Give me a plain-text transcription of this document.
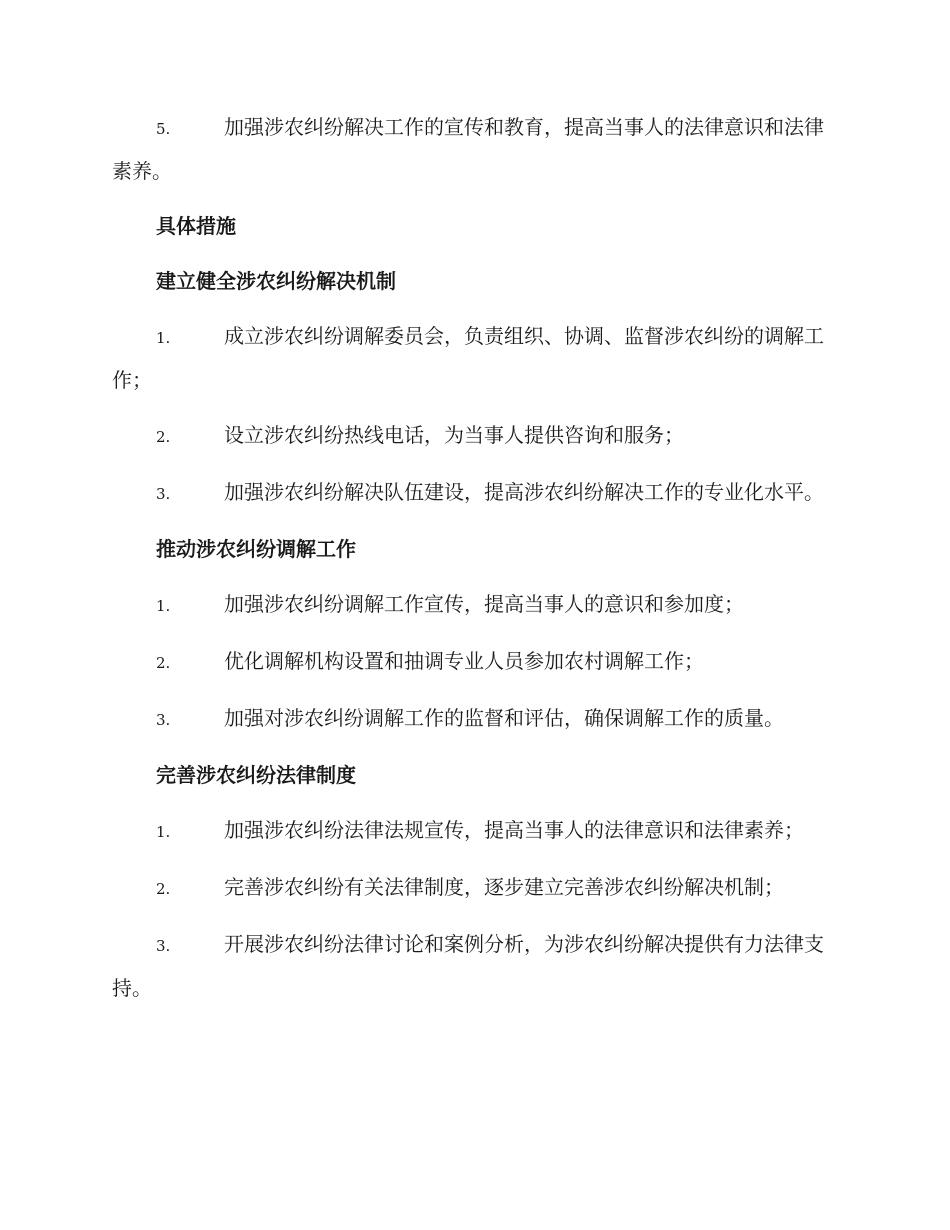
5.	加强涉农纠纷解决工作的宣传和教育，提高当事人的法律意识和法律素养。

具体措施

建立健全涉农纠纷解决机制

1.	成立涉农纠纷调解委员会，负责组织、协调、监督涉农纠纷的调解工作；

2.	设立涉农纠纷热线电话，为当事人提供咨询和服务；

3.	加强涉农纠纷解决队伍建设，提高涉农纠纷解决工作的专业化水平。

推动涉农纠纷调解工作

1.	加强涉农纠纷调解工作宣传，提高当事人的意识和参加度；

2.	优化调解机构设置和抽调专业人员参加农村调解工作；

3.	加强对涉农纠纷调解工作的监督和评估，确保调解工作的质量。

完善涉农纠纷法律制度

1.	加强涉农纠纷法律法规宣传，提高当事人的法律意识和法律素养；

2.	完善涉农纠纷有关法律制度，逐步建立完善涉农纠纷解决机制；

3.	开展涉农纠纷法律讨论和案例分析，为涉农纠纷解决提供有力法律支持。
